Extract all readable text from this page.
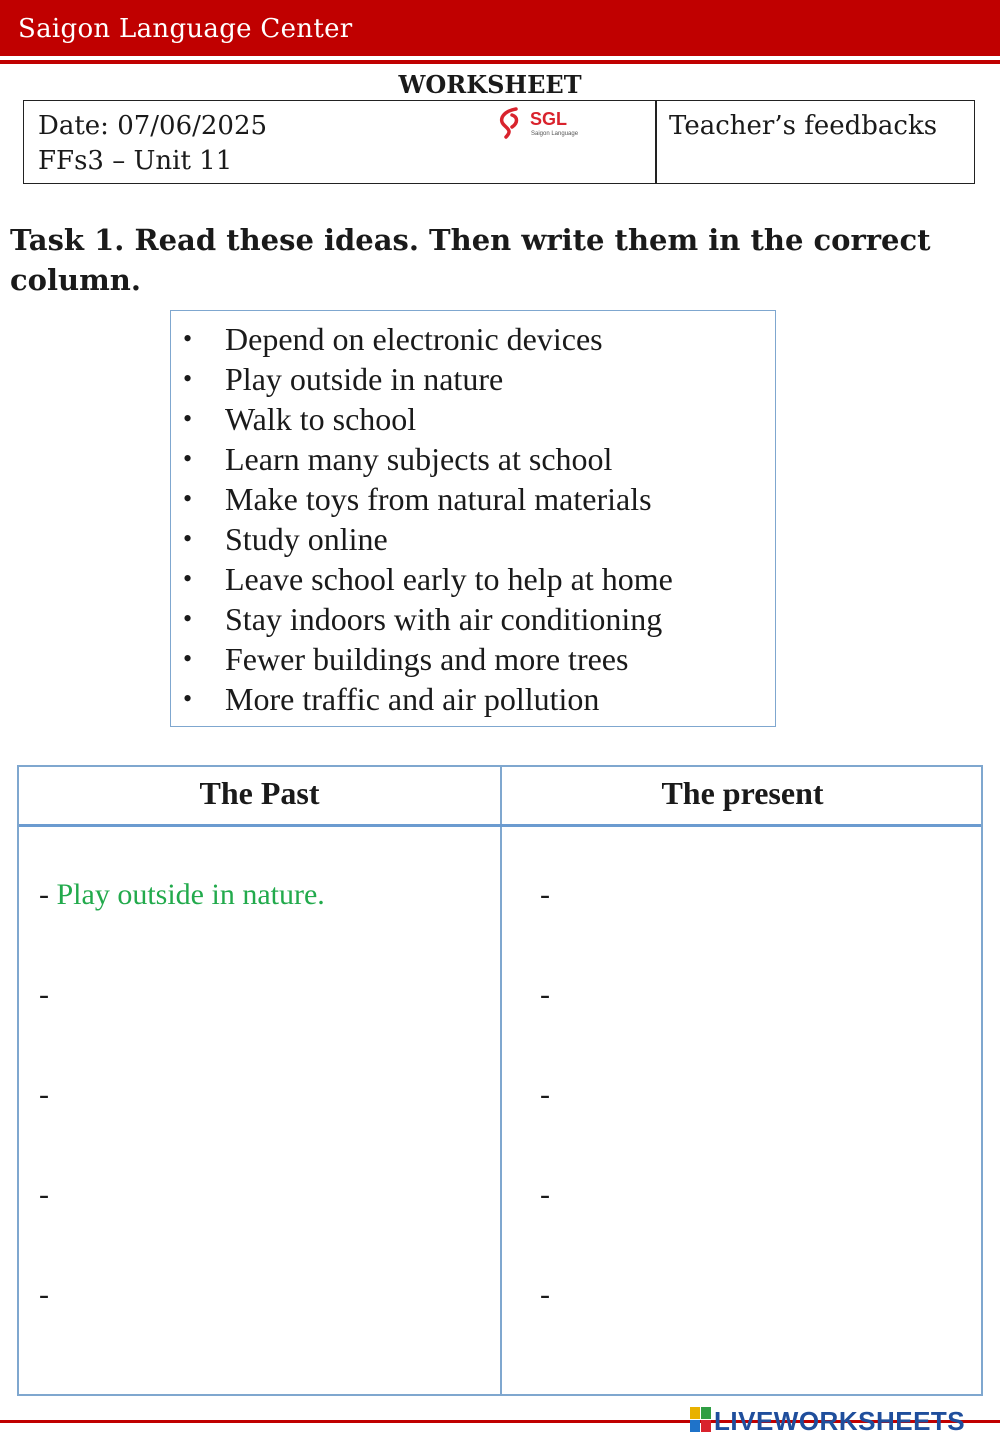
Saigon Language Center
WORKSHEET
Date: 07/06/2025
FFs3 – Unit 11
SGL
Saigon Language	Teacher’s feedbacks
Task 1. Read these ideas. Then write them in the correct column.
• Depend on electronic devices
• Play outside in nature
• Walk to school
• Learn many subjects at school
• Make toys from natural materials
• Study online
• Leave school early to help at home
• Stay indoors with air conditioning
• Fewer buildings and more trees
• More traffic and air pollution
The Past	The present
- Play outside in nature.
-
-
-
-
-
-
-
-
-
LIVEWORKSHEETS
